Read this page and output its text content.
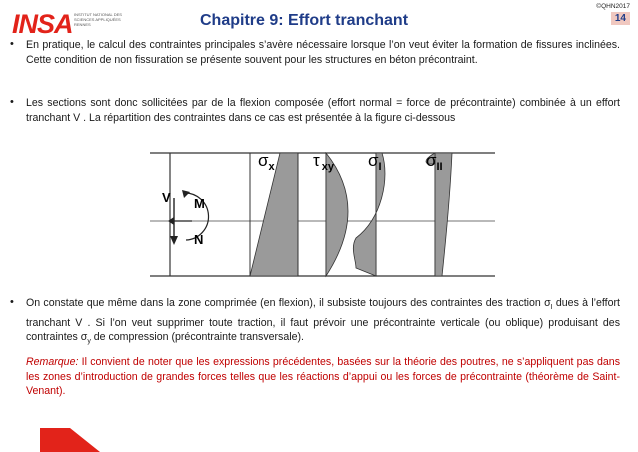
INSA INSTITUT NATIONAL DES SCIENCES APPLIQUÉES RENNES	Chapitre 9: Effort tranchant
©QHN2017
14
• En pratique, le calcul des contraintes principales s’avère nécessaire lorsque l’on veut éviter la formation de fissures inclinées. Cette condition de non fissuration se présente souvent pour les structures en béton précontraint.

• Les sections sont donc sollicitées par de la flexion composée (effort normal = force de précontrainte) combinée à un effort tranchant V . La répartition des contraintes dans ce cas est présentée à la figure ci-dessous

V M
N
$\sigma_x$ τ $_{xy}$ $\sigma_I$	$\sigma_{II}$
• On constate que même dans la zone comprimée (en flexion), il subsiste toujours des contraintes des traction $\sigma_I$ dues à l’effort tranchant V . Si l’on veut supprimer toute traction, il faut prévoir une précontrainte verticale (ou oblique) produisant des contraintes $\sigma_y$ de compression (précontrainte transversale).

Remarque: Il convient de noter que les expressions précédentes, basées sur la théorie des poutres, ne s’appliquent pas dans les zones d’introduction de grandes forces telles que les réactions d’appui ou les forces de précontrainte (théorème de Saint-Venant).
